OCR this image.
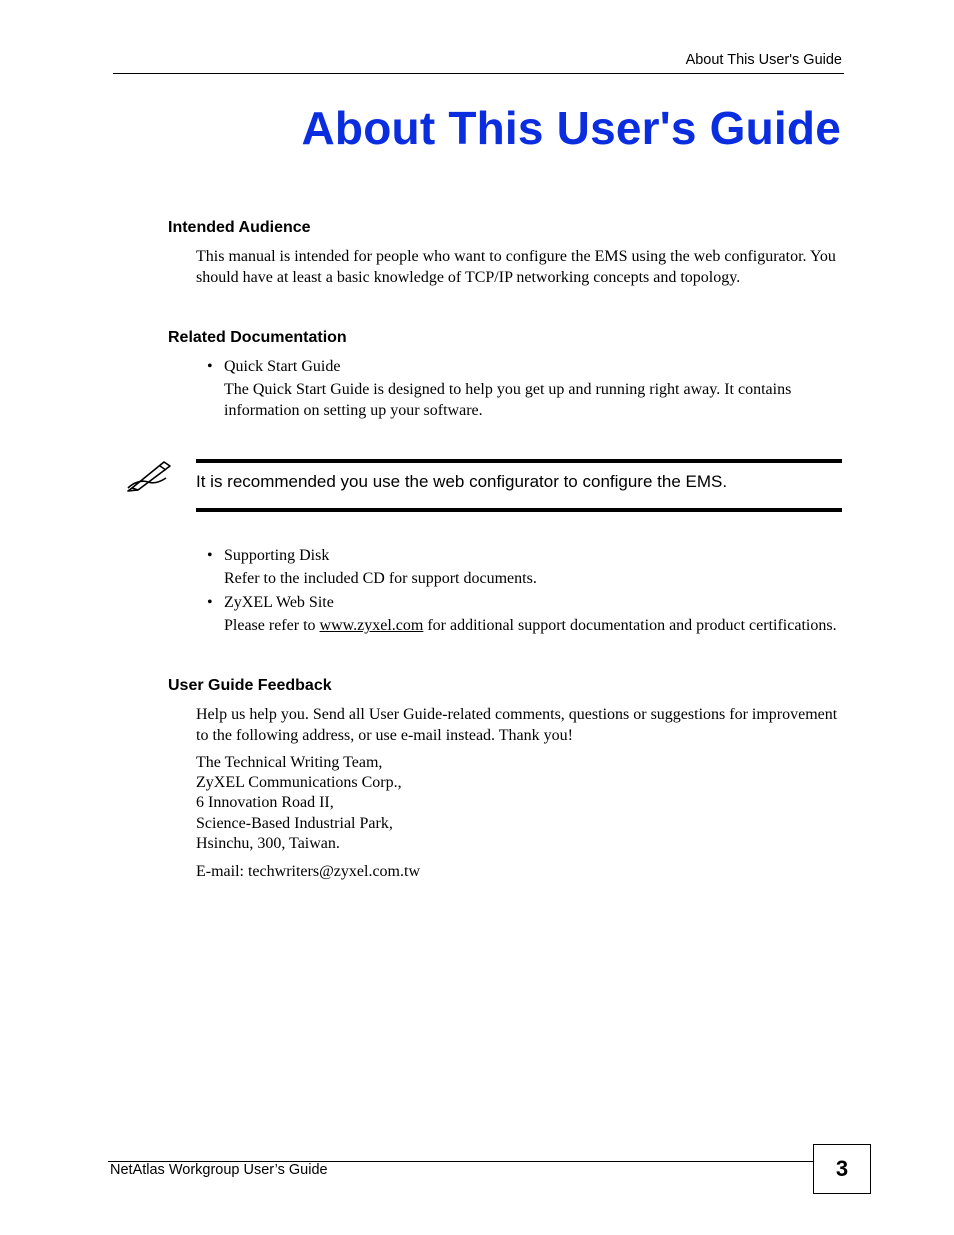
About This User's Guide
About This User's Guide
Intended Audience

This manual is intended for people who want to configure the EMS using the web configurator. You should have at least a basic knowledge of TCP/IP networking concepts and topology.

Related Documentation
• Quick Start Guide

The Quick Start Guide is designed to help you get up and running right away. It contains information on setting up your software.

It is recommended you use the web configurator to configure the EMS.
• Supporting Disk

Refer to the included CD for support documents.

• ZyXEL Web Site

Please refer to www.zyxel.com for additional support documentation and product certifications.

User Guide Feedback

Help us help you. Send all User Guide-related comments, questions or suggestions for improvement to the following address, or use e-mail instead. Thank you!

The Technical Writing Team,
ZyXEL Communications Corp.,
6 Innovation Road II,
Science-Based Industrial Park,
Hsinchu, 300, Taiwan.

E-mail: techwriters@zyxel.com.tw

NetAtlas Workgroup User’s Guide	3
